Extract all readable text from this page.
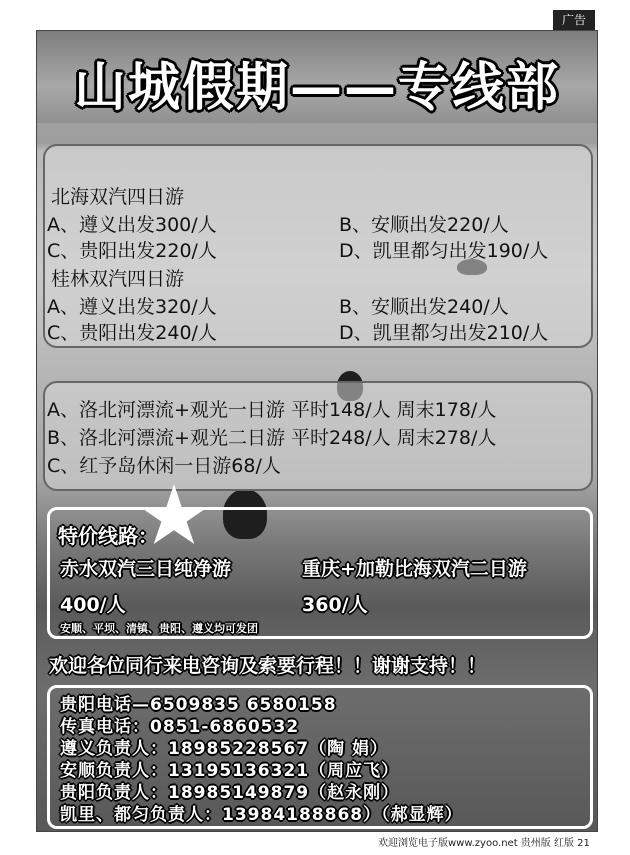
广告
山城假期——专线部
北海双汽四日游
A、遵义出发300/人	B、安顺出发220/人
C、贵阳出发220/人	D、凯里都匀出发190/人
桂林双汽四日游
A、遵义出发320/人	B、安顺出发240/人
C、贵阳出发240/人	D、凯里都匀出发210/人
A、洛北河漂流+观光一日游 平时148/人 周末178/人
B、洛北河漂流+观光二日游 平时248/人 周末278/人
C、红予岛休闲一日游68/人
特价线路：
赤水双汽三日纯净游	重庆+加勒比海双汽二日游
400/人	360/人
安顺、平坝、清镇、贵阳、遵义均可发团
欢迎各位同行来电咨询及索要行程！！谢谢支持！！
贵阳电话—6509835 6580158
传真电话：0851-6860532
遵义负责人：18985228567（陶 娟）
安顺负责人：13195136321（周应飞）
贵阳负责人：18985149879（赵永刚）
凯里、都匀负责人：13984188868）（郝显辉）
欢迎浏览电子版www.zyoo.net 贵州版 红版 21
